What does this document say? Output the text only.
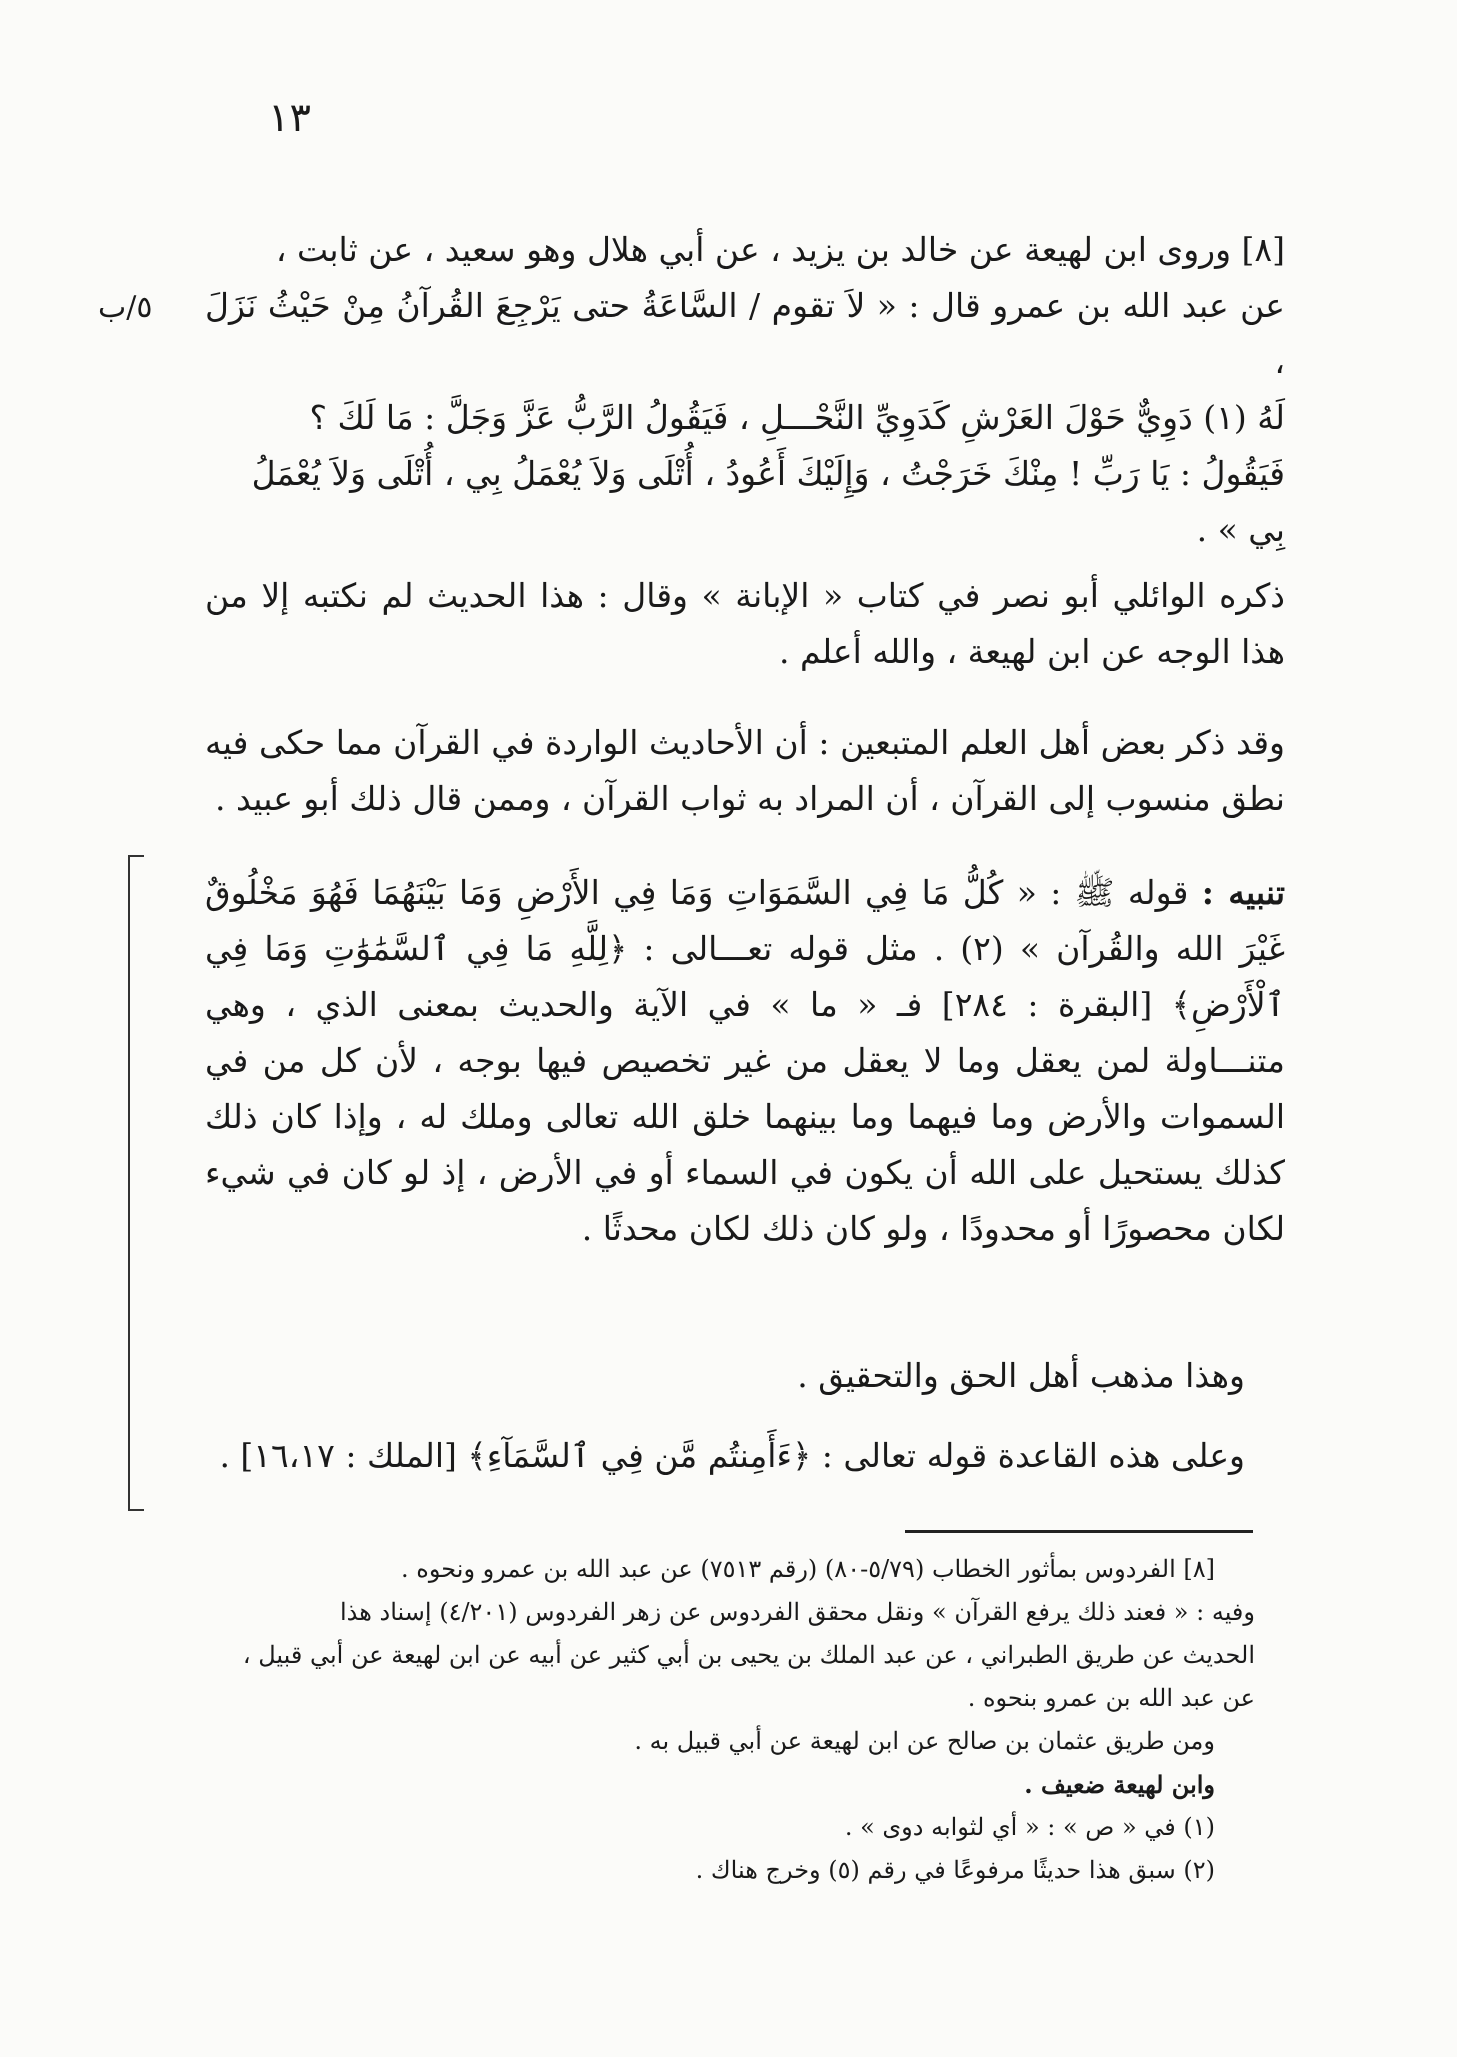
١٣
٥/ب

[٨] وروى ابن لهيعة عن خالد بن يزيد ، عن أبي هلال وهو سعيد ، عن ثابت ،

عن عبد الله بن عمرو قال : « لاَ تقوم / السَّاعَةُ حتى يَرْجِعَ القُرآنُ مِنْ حَيْثُ نَزَلَ ،

لَهُ (١) دَوِيٌّ حَوْلَ العَرْشِ كَدَوِيِّ النَّحْـــلِ ، فَيَقُولُ الرَّبُّ عَزَّ وَجَلَّ : مَا لَكَ ؟

فَيَقُولُ : يَا رَبِّ ! مِنْكَ خَرَجْتُ ، وَإِلَيْكَ أَعُودُ ، أُتْلَى وَلاَ يُعْمَلُ بِي ، أُتْلَى وَلاَ يُعْمَلُ

بِي » .

ذكره الوائلي أبو نصر في كتاب « الإبانة » وقال : هذا الحديث لم نكتبه إلا من هذا الوجه عن ابن لهيعة ، والله أعلم .

وقد ذكر بعض أهل العلم المتبعين : أن الأحاديث الواردة في القرآن مما حكى فيه نطق منسوب إلى القرآن ، أن المراد به ثواب القرآن ، وممن قال ذلك أبو عبيد .

تنبيه : قوله ﷺ : « كُلُّ مَا فِي السَّمَوَاتِ وَمَا فِي الأَرْضِ وَمَا بَيْنَهُمَا فَهُوَ مَخْلُوقٌ غَيْرَ الله والقُرآن » (٢) . مثل قوله تعـــالى : ﴿لِلَّهِ مَا فِي ٱلسَّمَٰوَٰتِ وَمَا فِي ٱلْأَرْضِ﴾ [البقرة : ٢٨٤] فـ « ما » في الآية والحديث بمعنى الذي ، وهي متنـــاولة لمن يعقل وما لا يعقل من غير تخصيص فيها بوجه ، لأن كل من في السموات والأرض وما فيهما وما بينهما خلق الله تعالى وملك له ، وإذا كان ذلك كذلك يستحيل على الله أن يكون في السماء أو في الأرض ، إذ لو كان في شيء لكان محصورًا أو محدودًا ، ولو كان ذلك لكان محدثًا .

وهذا مذهب أهل الحق والتحقيق .

وعلى هذه القاعدة قوله تعالى : ﴿ءَأَمِنتُم مَّن فِي ٱلسَّمَآءِ﴾ [الملك : ١٦،١٧] .

[٨] الفردوس بمأثور الخطاب (٥/٧٩-٨٠) (رقم ٧٥١٣) عن عبد الله بن عمرو ونحوه .

وفيه : « فعند ذلك يرفع القرآن » ونقل محقق الفردوس عن زهر الفردوس (٤/٢٠١) إسناد هذا

الحديث عن طريق الطبراني ، عن عبد الملك بن يحيى بن أبي كثير عن أبيه عن ابن لهيعة عن أبي قبيل ،

عن عبد الله بن عمرو بنحوه .

ومن طريق عثمان بن صالح عن ابن لهيعة عن أبي قبيل به .

وابن لهيعة ضعيف .

(١) في « ص » : « أي لثوابه دوى » .

(٢) سبق هذا حديثًا مرفوعًا في رقم (٥) وخرج هناك .
